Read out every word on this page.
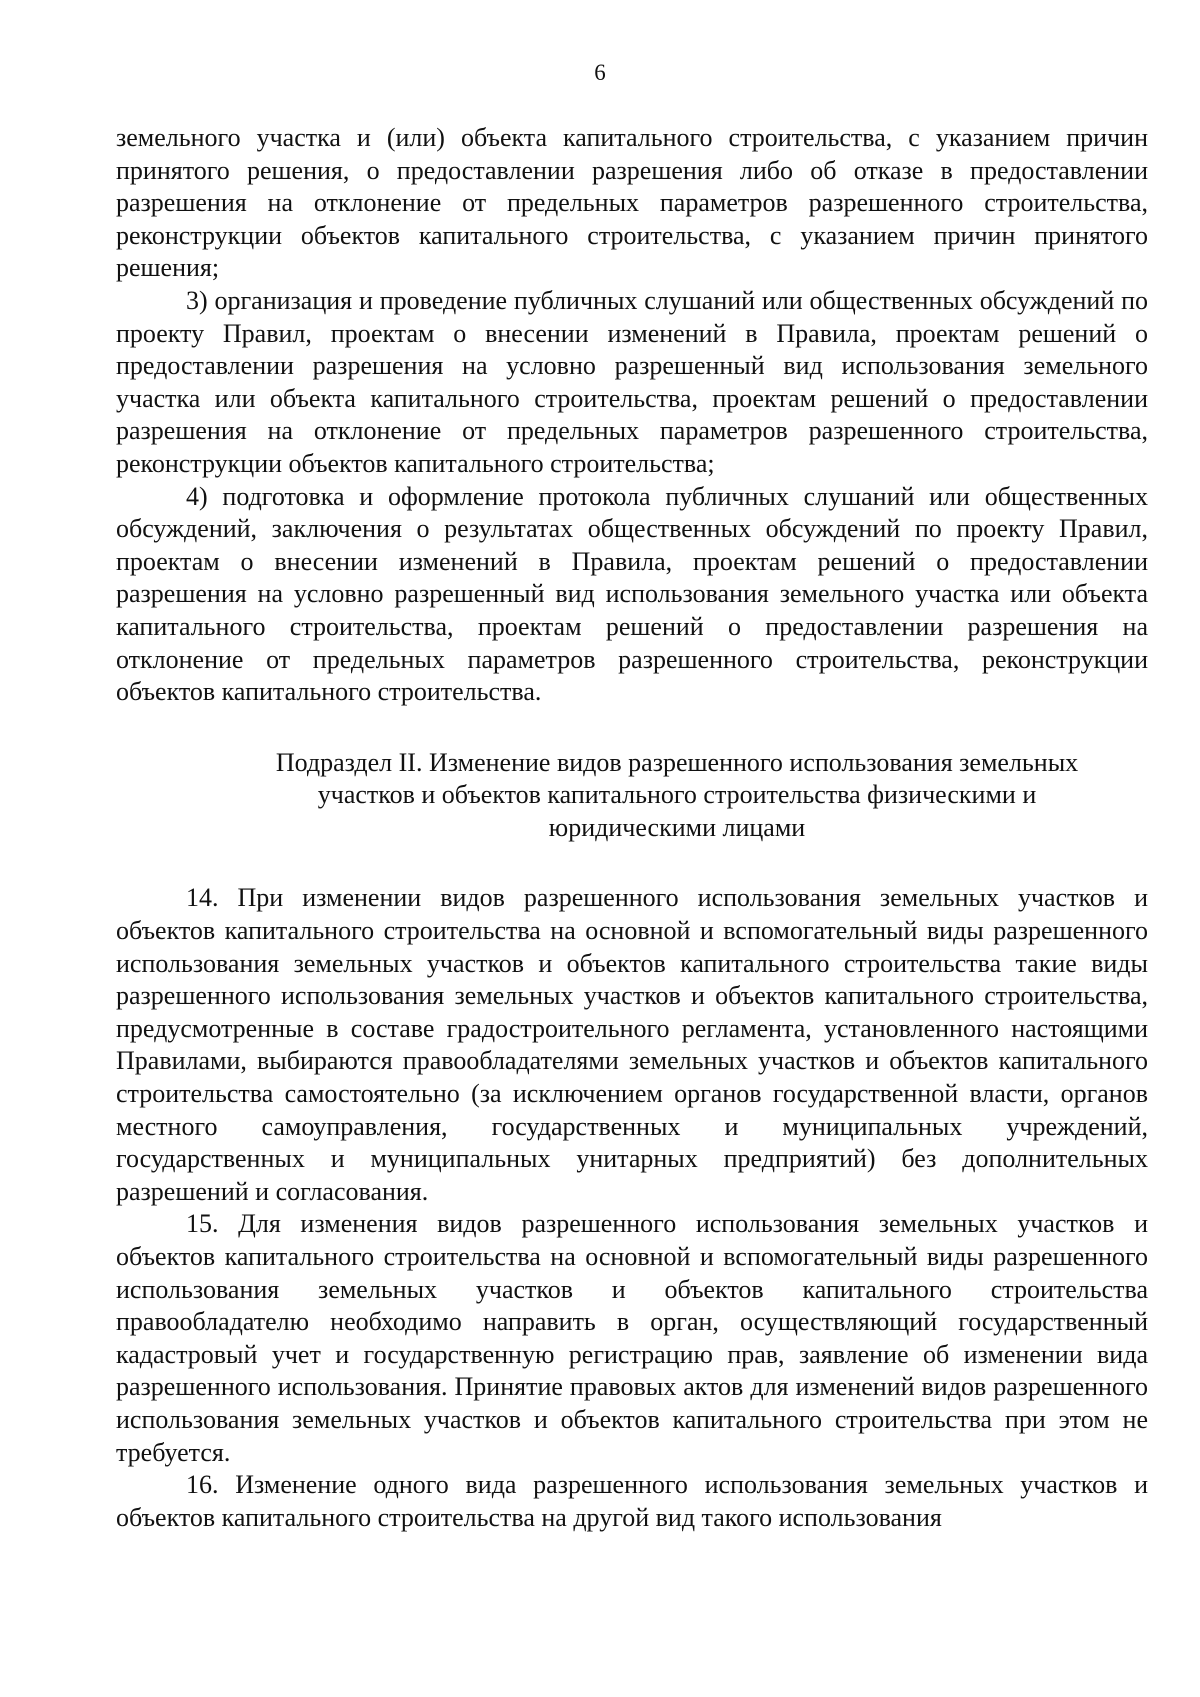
6

земельного участка и (или) объекта капитального строительства, с указанием причин принятого решения, о предоставлении разрешения либо об отказе в предоставлении разрешения на отклонение от предельных параметров разрешенного строительства, реконструкции объектов капитального строительства, с указанием причин принятого решения;

3) организация и проведение публичных слушаний или общественных обсуждений по проекту Правил, проектам о внесении изменений в Правила, проектам решений о предоставлении разрешения на условно разрешенный вид использования земельного участка или объекта капитального строительства, проектам решений о предоставлении разрешения на отклонение от предельных параметров разрешенного строительства, реконструкции объектов капитального строительства;

4) подготовка и оформление протокола публичных слушаний или общественных обсуждений, заключения о результатах общественных обсуждений по проекту Правил, проектам о внесении изменений в Правила, проектам решений о предоставлении разрешения на условно разрешенный вид использования земельного участка или объекта капитального строительства, проектам решений о предоставлении разрешения на отклонение от предельных параметров разрешенного строительства, реконструкции объектов капитального строительства.

Подраздел II. Изменение видов разрешенного использования земельных
участков и объектов капитального строительства физическими и
юридическими лицами

14. При изменении видов разрешенного использования земельных участков и объектов капитального строительства на основной и вспомогательный виды разрешенного использования земельных участков и объектов капитального строительства такие виды разрешенного использования земельных участков и объектов капитального строительства, предусмотренные в составе градостроительного регламента, установленного настоящими Правилами, выбираются правообладателями земельных участков и объектов капитального строительства самостоятельно (за исключением органов государственной власти, органов местного самоуправления, государственных и муниципальных учреждений, государственных и муниципальных унитарных предприятий) без дополнительных разрешений и согласования.

15. Для изменения видов разрешенного использования земельных участков и объектов капитального строительства на основной и вспомогательный виды разрешенного использования земельных участков и объектов капитального строительства правообладателю необходимо направить в орган, осуществляющий государственный кадастровый учет и государственную регистрацию прав, заявление об изменении вида разрешенного использования. Принятие правовых актов для изменений видов разрешенного использования земельных участков и объектов капитального строительства при этом не требуется.

16. Изменение одного вида разрешенного использования земельных участков и объектов капитального строительства на другой вид такого использования
